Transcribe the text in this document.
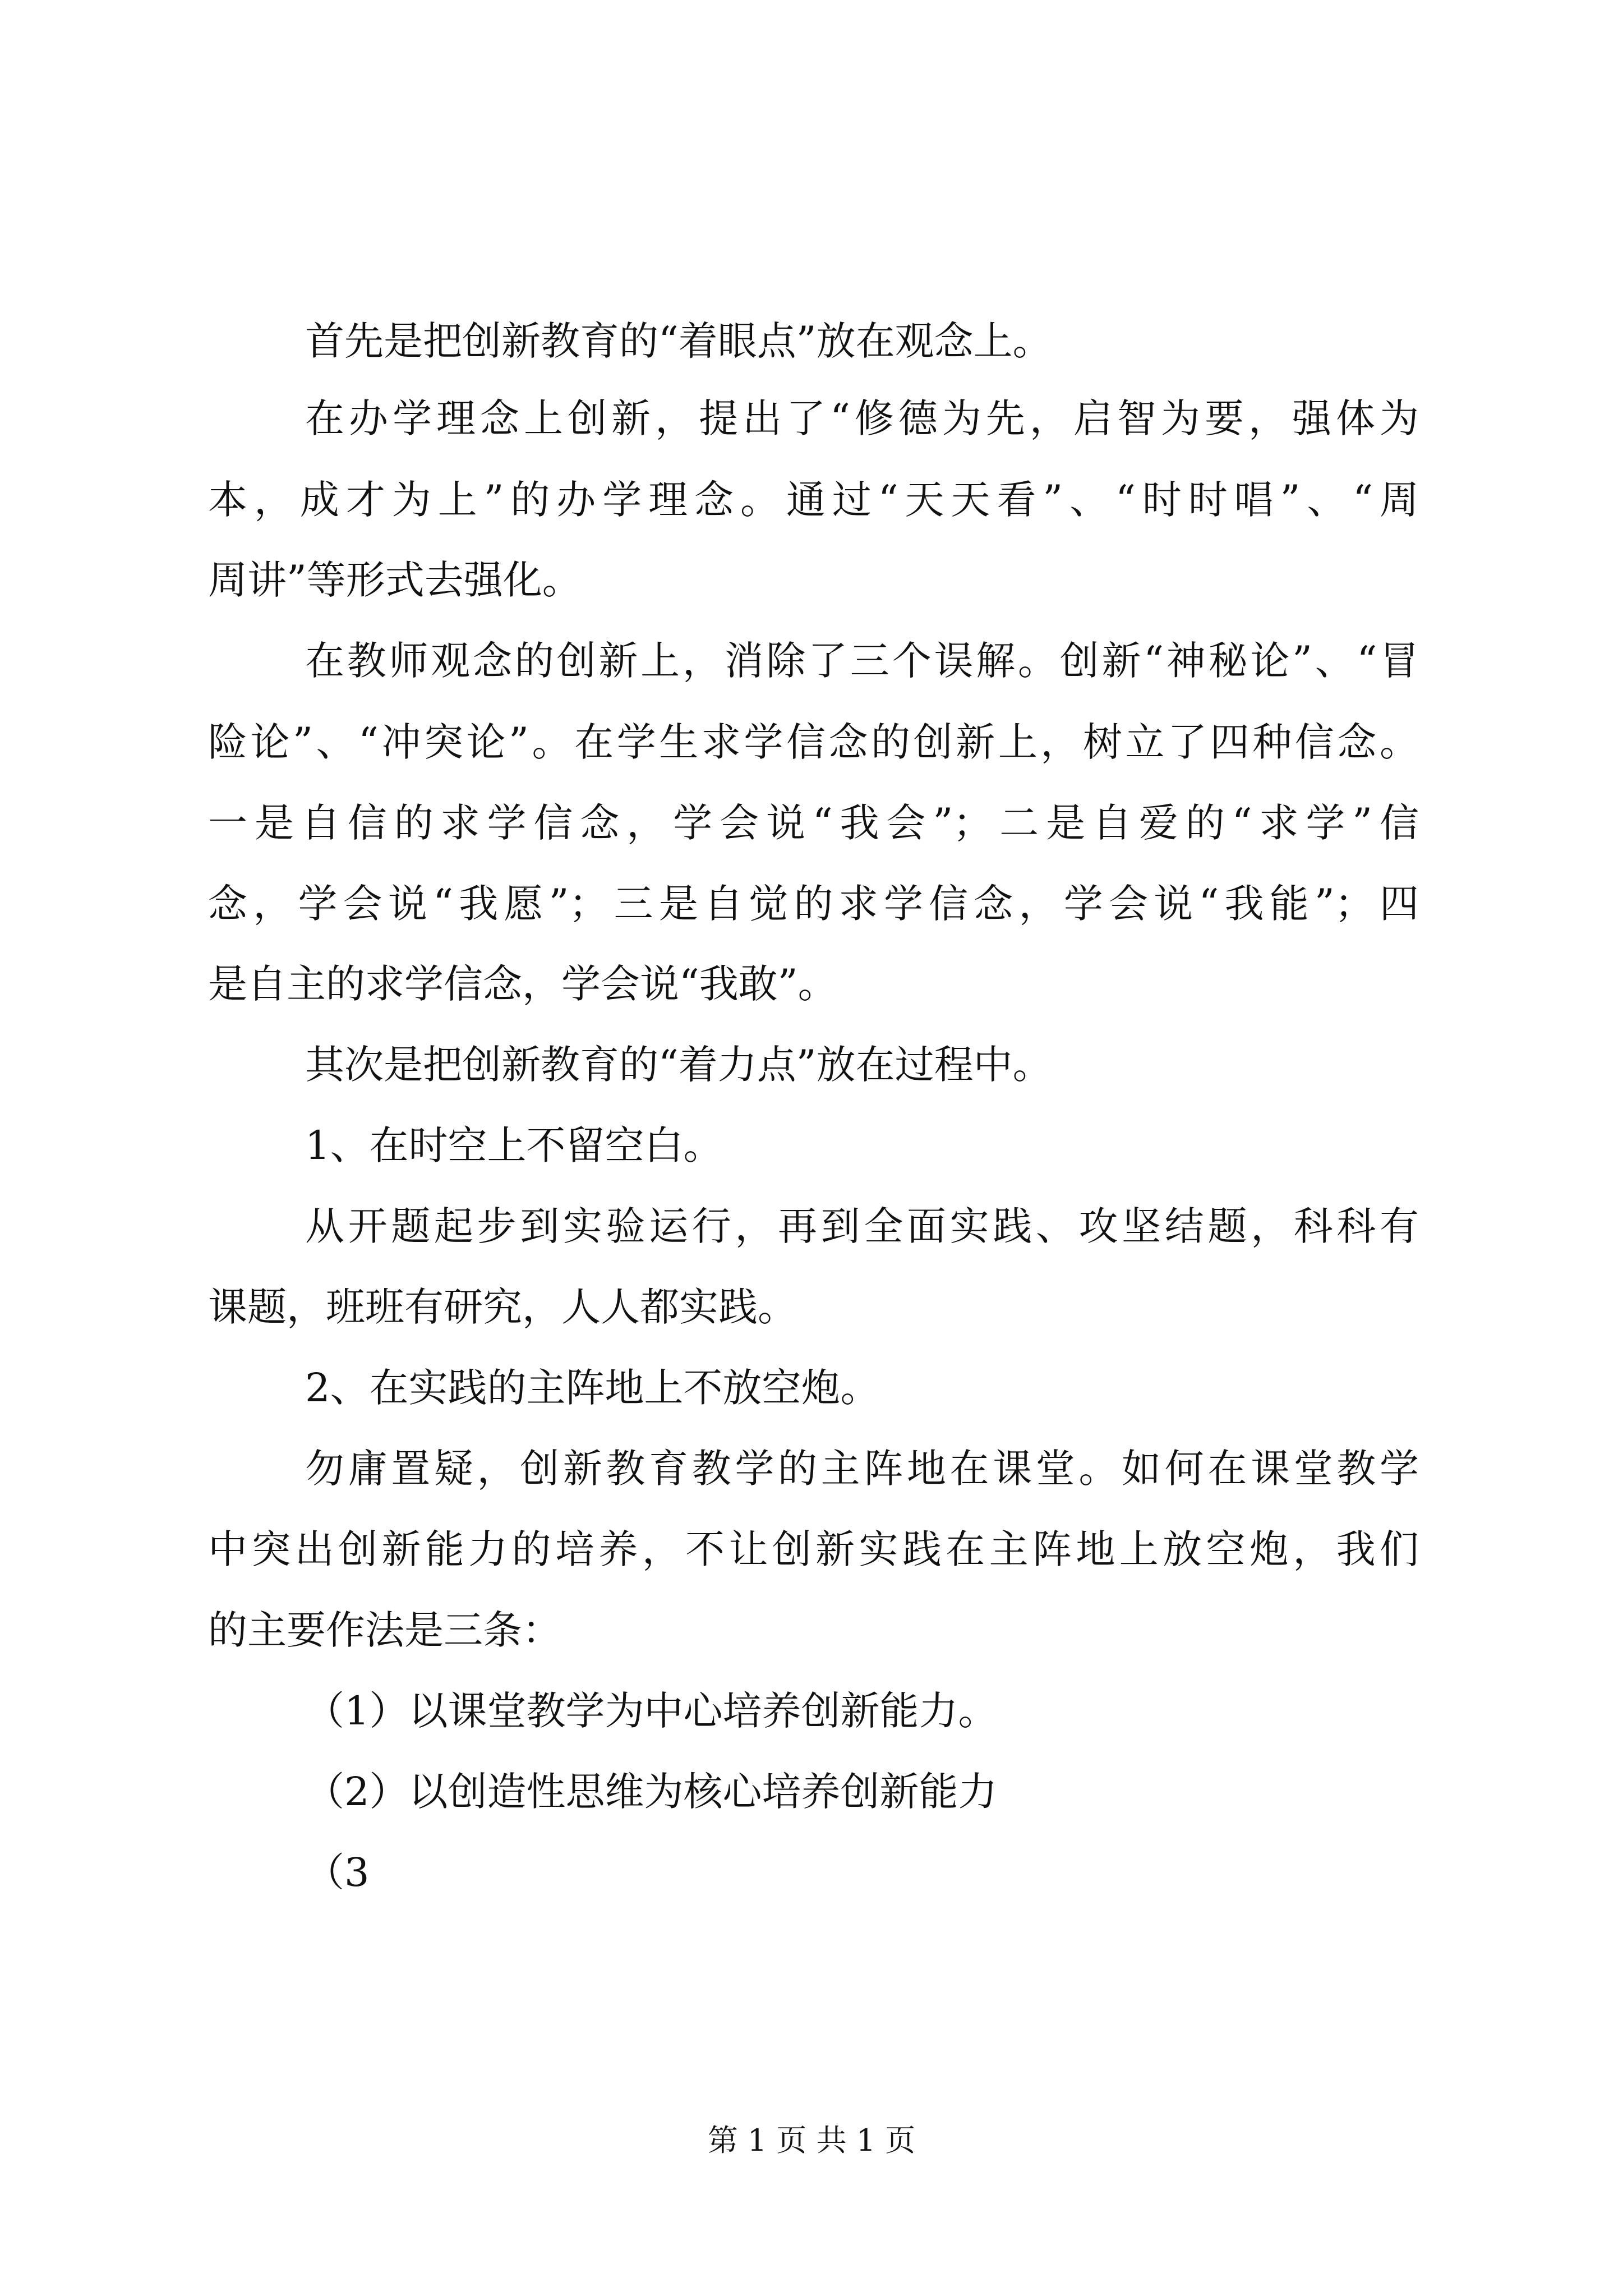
首先是把创新教育的“着眼点”放在观念上。
在办学理念上创新，提出了“修德为先，启智为要，强体为
本，成才为上”的办学理念。通过“天天看”、“时时唱”、“周
周讲”等形式去强化。
在教师观念的创新上，消除了三个误解。创新“神秘论”、“冒
险论”、“冲突论”。在学生求学信念的创新上，树立了四种信念。
一是自信的求学信念，学会说“我会”；二是自爱的“求学”信
念，学会说“我愿”；三是自觉的求学信念，学会说“我能”；四
是自主的求学信念，学会说“我敢”。
其次是把创新教育的“着力点”放在过程中。
1、在时空上不留空白。
从开题起步到实验运行，再到全面实践、攻坚结题，科科有
课题，班班有研究，人人都实践。
2、在实践的主阵地上不放空炮。
勿庸置疑，创新教育教学的主阵地在课堂。如何在课堂教学
中突出创新能力的培养，不让创新实践在主阵地上放空炮，我们
的主要作法是三条：
（1）以课堂教学为中心培养创新能力。
（2）以创造性思维为核心培养创新能力
（3
第 1 页 共 1 页
